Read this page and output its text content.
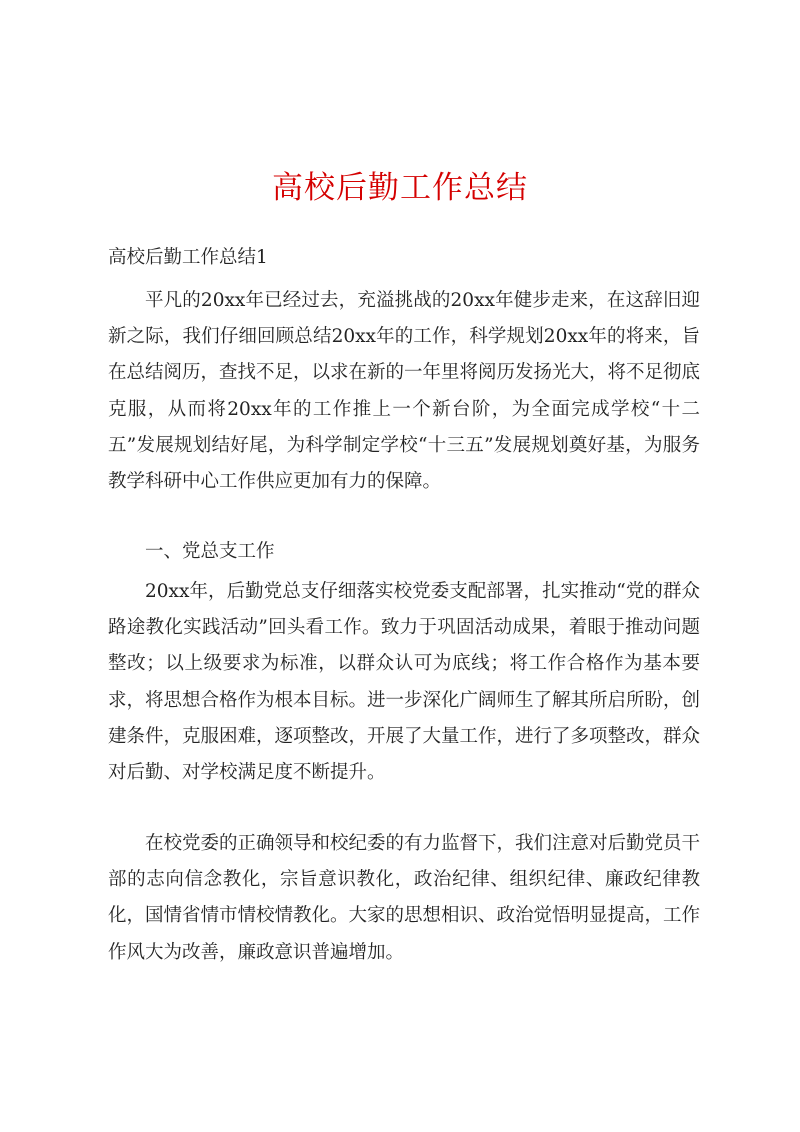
高校后勤工作总结
高校后勤工作总结1

平凡的20xx年已经过去，充溢挑战的20xx年健步走来，在这辞旧迎新之际，我们仔细回顾总结20xx年的工作，科学规划20xx年的将来，旨在总结阅历，查找不足，以求在新的一年里将阅历发扬光大，将不足彻底克服，从而将20xx年的工作推上一个新台阶，为全面完成学校“十二五”发展规划结好尾，为科学制定学校“十三五”发展规划奠好基，为服务教学科研中心工作供应更加有力的保障。

一、党总支工作

20xx年，后勤党总支仔细落实校党委支配部署，扎实推动“党的群众路途教化实践活动”回头看工作。致力于巩固活动成果，着眼于推动问题整改；以上级要求为标准，以群众认可为底线；将工作合格作为基本要求，将思想合格作为根本目标。进一步深化广阔师生了解其所启所盼，创建条件，克服困难，逐项整改，开展了大量工作，进行了多项整改，群众对后勤、对学校满足度不断提升。

在校党委的正确领导和校纪委的有力监督下，我们注意对后勤党员干部的志向信念教化，宗旨意识教化，政治纪律、组织纪律、廉政纪律教化，国情省情市情校情教化。大家的思想相识、政治觉悟明显提高，工作作风大为改善，廉政意识普遍增加。
